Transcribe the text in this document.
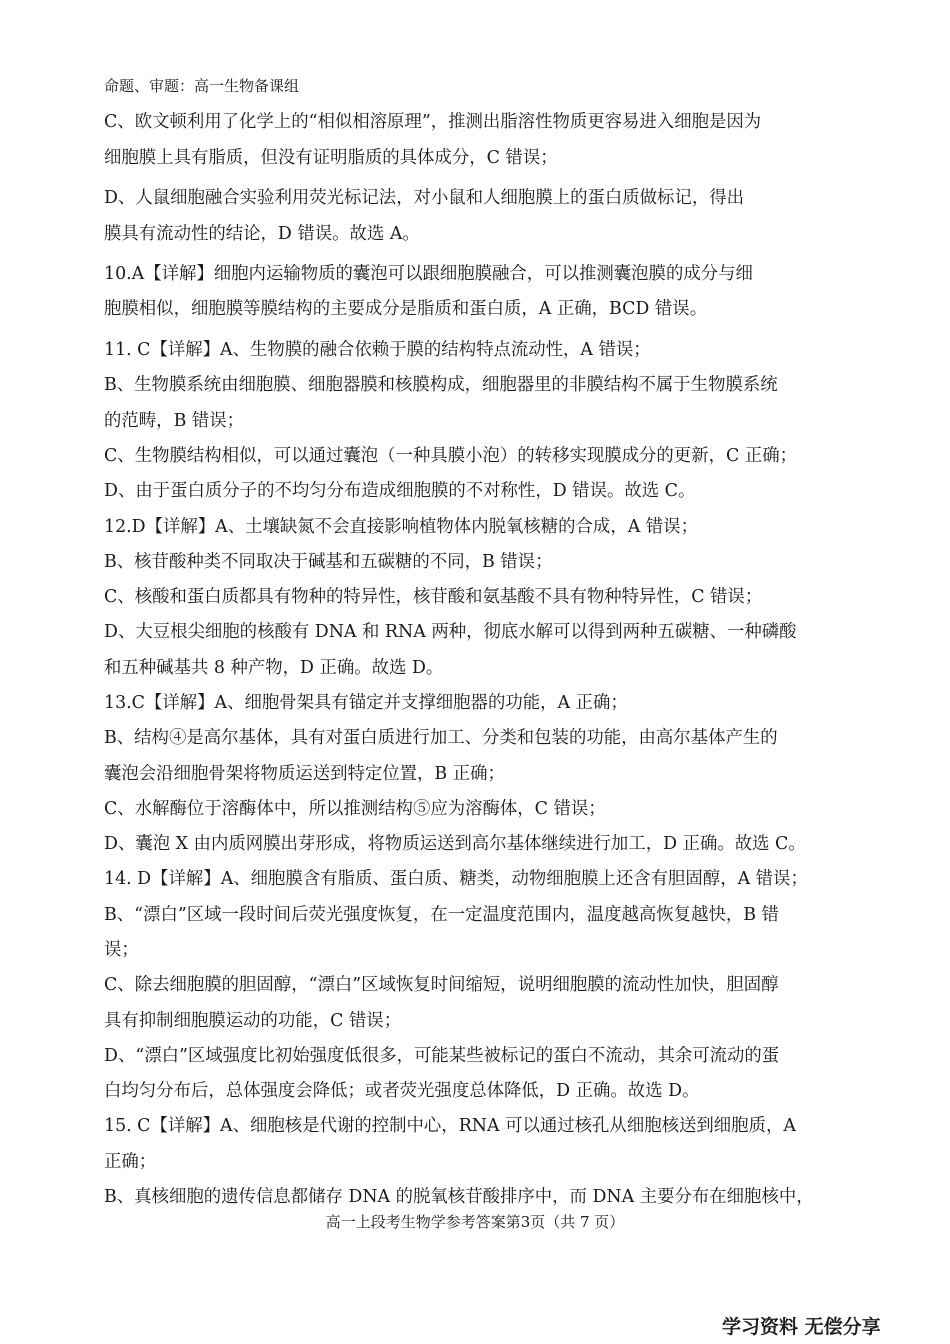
命题、审题：高一生物备课组
C、欧文顿利用了化学上的“相似相溶原理”，推测出脂溶性物质更容易进入细胞是因为
细胞膜上具有脂质，但没有证明脂质的具体成分，C 错误；
D、人鼠细胞融合实验利用荧光标记法，对小鼠和人细胞膜上的蛋白质做标记，得出
膜具有流动性的结论，D 错误。故选 A。
10.A【详解】细胞内运输物质的囊泡可以跟细胞膜融合，可以推测囊泡膜的成分与细
胞膜相似，细胞膜等膜结构的主要成分是脂质和蛋白质，A 正确，BCD 错误。
11. C【详解】A、生物膜的融合依赖于膜的结构特点流动性，A 错误；
B、生物膜系统由细胞膜、细胞器膜和核膜构成，细胞器里的非膜结构不属于生物膜系统
的范畴，B 错误；
C、生物膜结构相似，可以通过囊泡（一种具膜小泡）的转移实现膜成分的更新，C 正确；
D、由于蛋白质分子的不均匀分布造成细胞膜的不对称性，D 错误。故选 C。
12.D【详解】A、土壤缺氮不会直接影响植物体内脱氧核糖的合成，A 错误；
B、核苷酸种类不同取决于碱基和五碳糖的不同，B 错误；
C、核酸和蛋白质都具有物种的特异性，核苷酸和氨基酸不具有物种特异性，C 错误；
D、大豆根尖细胞的核酸有 DNA 和 RNA 两种，彻底水解可以得到两种五碳糖、一种磷酸
和五种碱基共 8 种产物，D 正确。故选 D。
13.C【详解】A、细胞骨架具有锚定并支撑细胞器的功能，A 正确；
B、结构④是高尔基体，具有对蛋白质进行加工、分类和包装的功能，由高尔基体产生的
囊泡会沿细胞骨架将物质运送到特定位置，B 正确；
C、水解酶位于溶酶体中，所以推测结构⑤应为溶酶体，C 错误；
D、囊泡 X 由内质网膜出芽形成，将物质运送到高尔基体继续进行加工，D 正确。故选 C。
14. D【详解】A、细胞膜含有脂质、蛋白质、糖类，动物细胞膜上还含有胆固醇，A 错误；
B、“漂白”区域一段时间后荧光强度恢复，在一定温度范围内，温度越高恢复越快，B 错
误；
C、除去细胞膜的胆固醇，“漂白”区域恢复时间缩短，说明细胞膜的流动性加快，胆固醇
具有抑制细胞膜运动的功能，C 错误；
D、“漂白”区域强度比初始强度低很多，可能某些被标记的蛋白不流动，其余可流动的蛋
白均匀分布后，总体强度会降低；或者荧光强度总体降低，D 正确。故选 D。
15. C【详解】A、细胞核是代谢的控制中心，RNA 可以通过核孔从细胞核送到细胞质，A
正确；
B、真核细胞的遗传信息都储存 DNA 的脱氧核苷酸排序中，而 DNA 主要分布在细胞核中，
高一上段考生物学参考答案第3页（共 7 页）
学习资料 无偿分享
